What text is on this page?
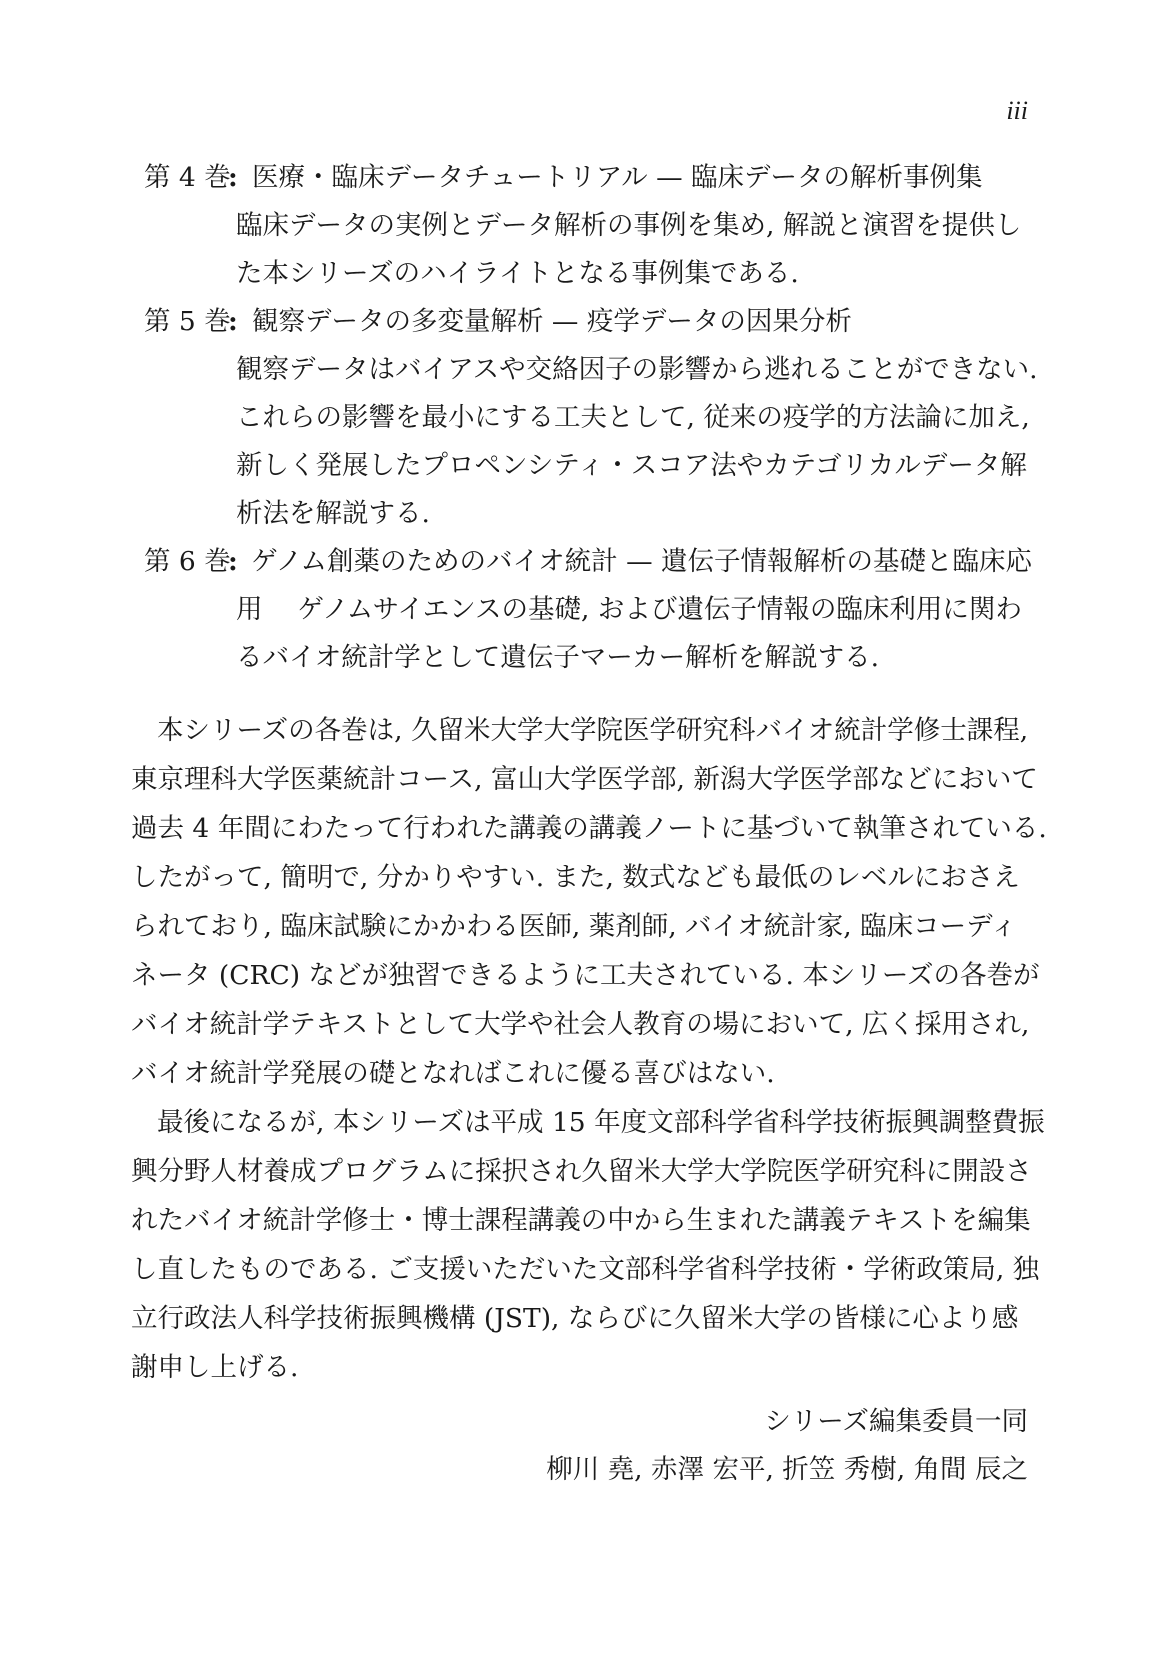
iii
第 4 巻
: 医療・臨床データチュートリアル — 臨床データの解析事例集
臨床データの実例とデータ解析の事例を集め, 解説と演習を提供し
た本シリーズのハイライトとなる事例集である.
第 5 巻
: 観察データの多変量解析 — 疫学データの因果分析
観察データはバイアスや交絡因子の影響から逃れることができない.
これらの影響を最小にする工夫として, 従来の疫学的方法論に加え,
新しく発展したプロペンシティ・スコア法やカテゴリカルデータ解
析法を解説する.
第 6 巻
: ゲノム創薬のためのバイオ統計 — 遺伝子情報解析の基礎と臨床応
用　 ゲノムサイエンスの基礎, および遺伝子情報の臨床利用に関わ
るバイオ統計学として遺伝子マーカー解析を解説する.
本シリーズの各巻は, 久留米大学大学院医学研究科バイオ統計学修士課程,
東京理科大学医薬統計コース, 富山大学医学部, 新潟大学医学部などにおいて
過去 4 年間にわたって行われた講義の講義ノートに基づいて執筆されている.
したがって, 簡明で, 分かりやすい. また, 数式なども最低のレベルにおさえ
られており, 臨床試験にかかわる医師, 薬剤師, バイオ統計家, 臨床コーディ
ネータ (CRC) などが独習できるように工夫されている. 本シリーズの各巻が
バイオ統計学テキストとして大学や社会人教育の場において, 広く採用され,
バイオ統計学発展の礎となればこれに優る喜びはない.
最後になるが, 本シリーズは平成 15 年度文部科学省科学技術振興調整費振
興分野人材養成プログラムに採択され久留米大学大学院医学研究科に開設さ
れたバイオ統計学修士・博士課程講義の中から生まれた講義テキストを編集
し直したものである. ご支援いただいた文部科学省科学技術・学術政策局, 独
立行政法人科学技術振興機構 (JST), ならびに久留米大学の皆様に心より感
謝申し上げる.
シリーズ編集委員一同
柳川 堯, 赤澤 宏平, 折笠 秀樹, 角間 辰之
